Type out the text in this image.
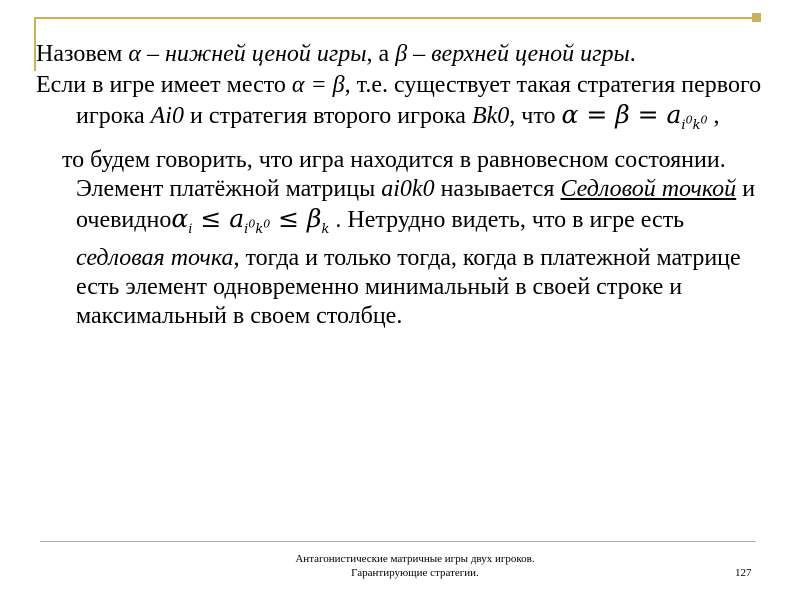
Назовем α – нижней ценой игры, а β – верхней ценой игры.

Если в игре имеет место α = β, т.е. существует такая стратегия первого игрока Ai0 и стратегия второго игрока Bk0, что $\alpha = \beta = a_{i^0k^0}$ ,

то будем говорить, что игра находится в равновесном состоянии. Элемент платёжной матрицы ai0k0 называется Седловой точкой и очевидноα$_i$ ≤ $a_{i^0k^0} \le \beta_k$ . Нетрудно видеть, что в игре есть седловая точка, тогда и только тогда, когда в платежной матрице есть элемент одновременно минимальный в своей строке и максимальный в своем столбце.

Антагонистические матричные игры двух игроков. Гарантирующие стратегии.	127
